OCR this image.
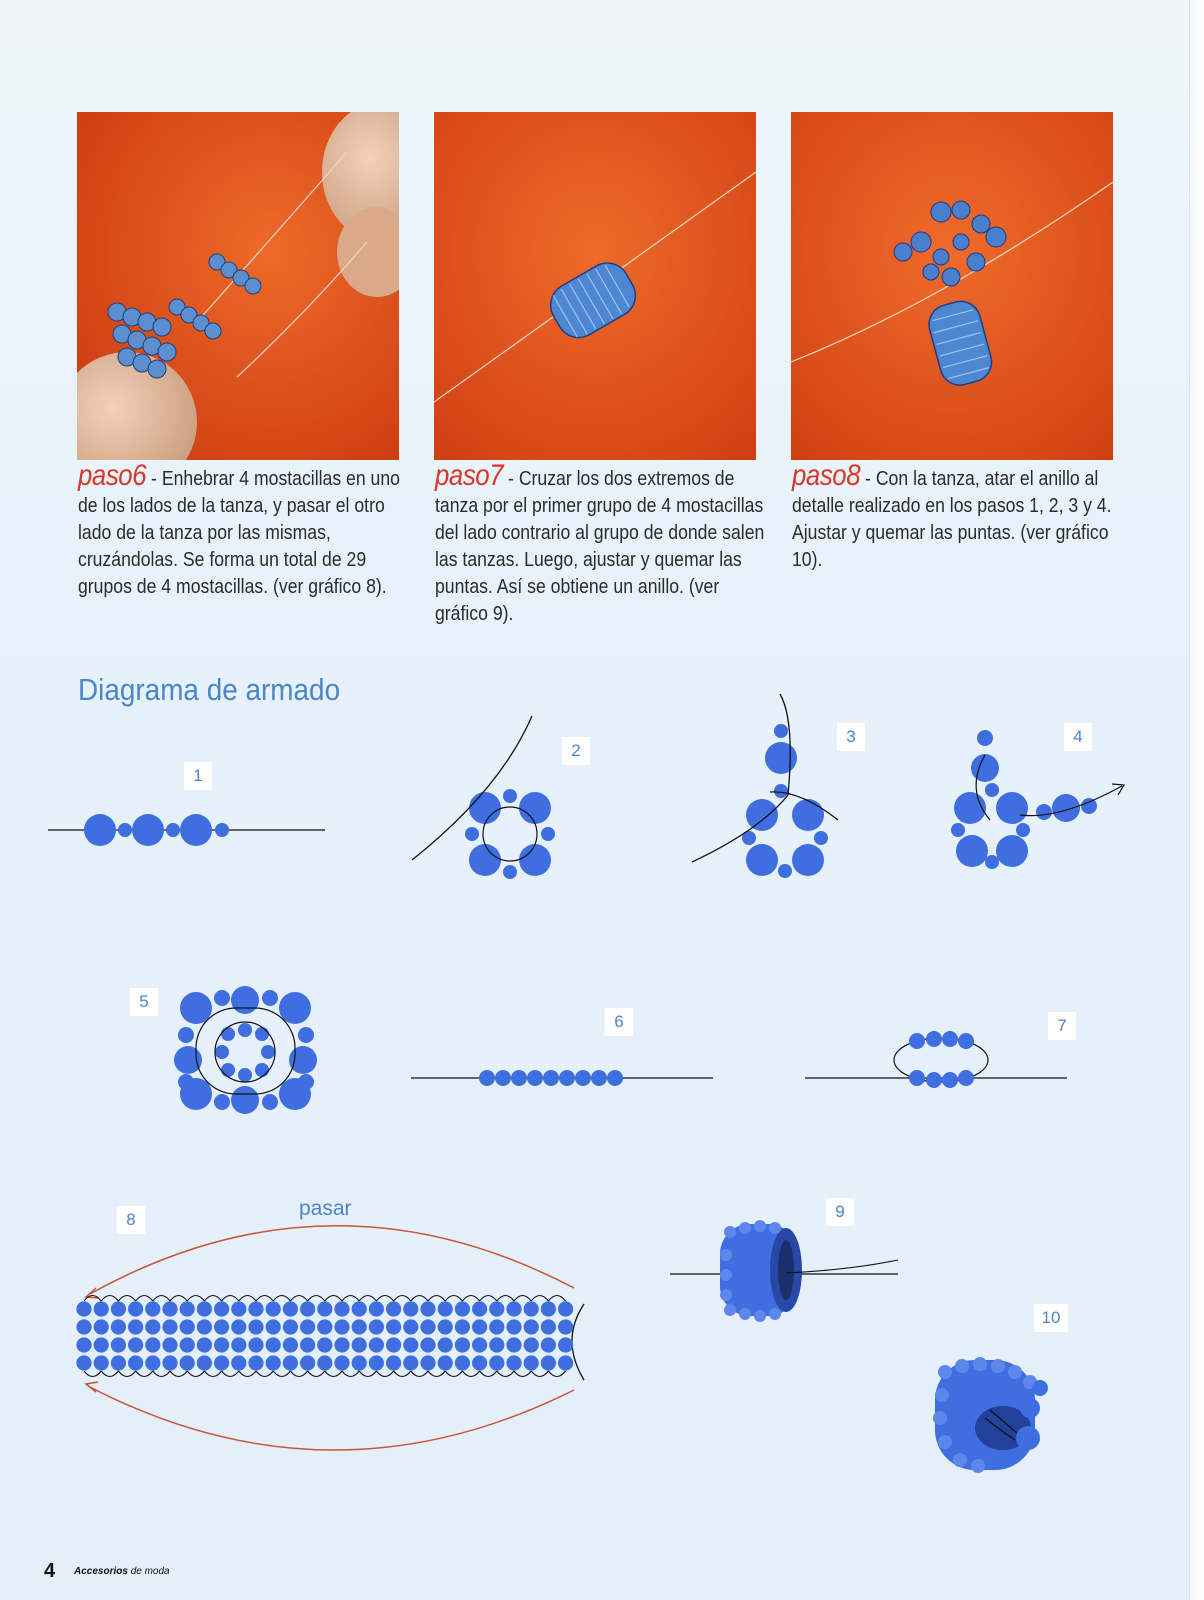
paso6 - Enhebrar 4 mostacillas en uno de los lados de la tanza, y pasar el otro lado de la tanza por las mismas, cruzándolas. Se forma un total de 29 grupos de 4 mostacillas. (ver gráfico 8).
paso7 - Cruzar los dos extremos de tanza por el primer grupo de 4 mostacillas del lado contrario al grupo de donde salen las tanzas. Luego, ajustar y quemar las puntas. Así se obtiene un anillo. (ver gráfico 9).
paso8 - Con la tanza, atar el anillo al detalle realizado en los pasos 1, 2, 3 y 4. Ajustar y quemar las puntas. (ver gráfico 10).
Diagrama de armado
1
2
3	4
5
6	7
8	9
10
pasar
4 Accesorios de moda
